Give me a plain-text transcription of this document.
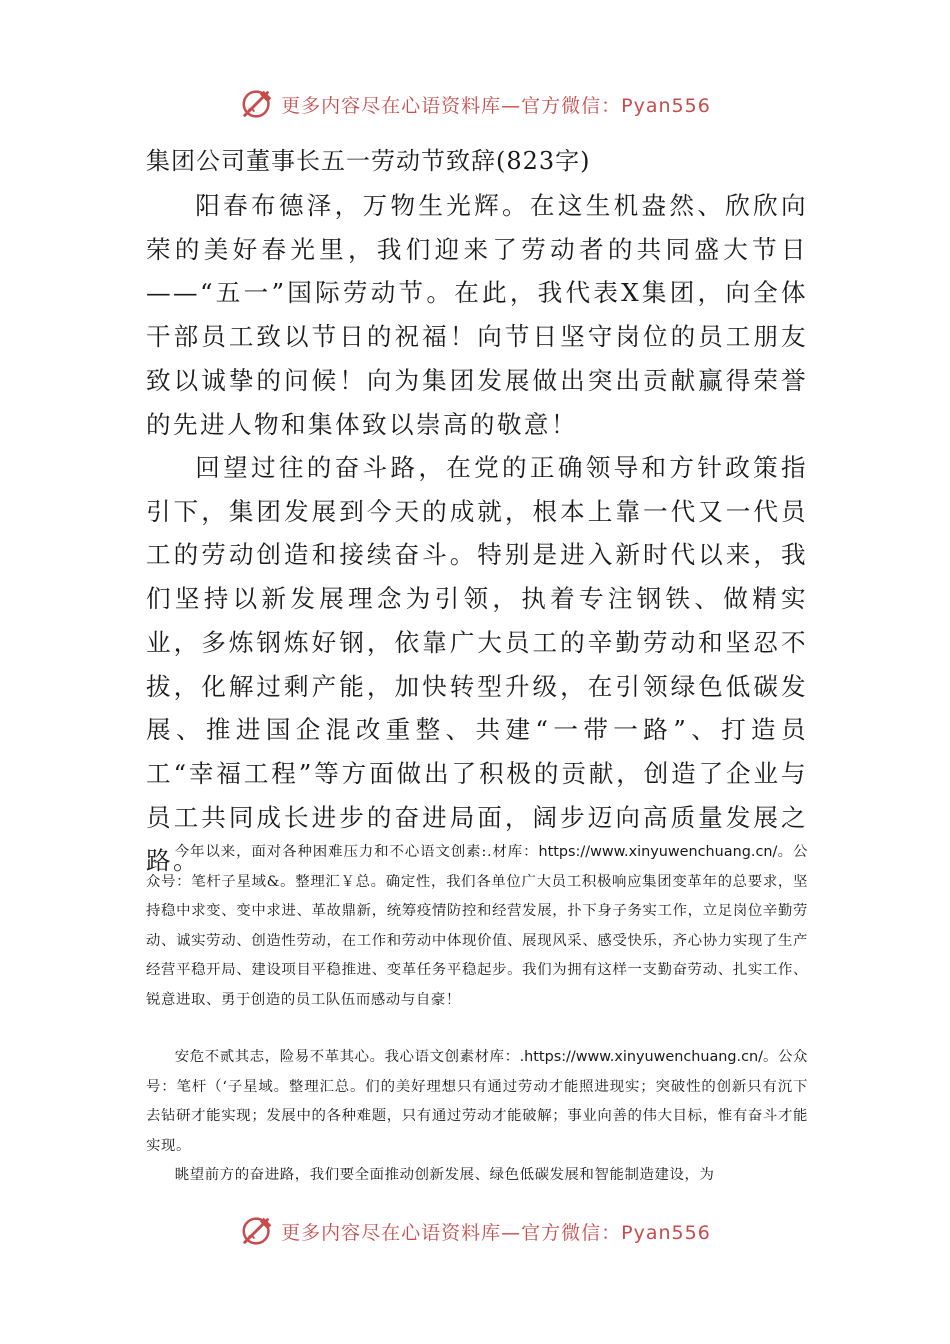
更多内容尽在心语资料库—官方微信：Pyan556
集团公司董事长五一劳动节致辞(823字)

阳春布德泽，万物生光辉。在这生机盎然、欣欣向荣的美好春光里，我们迎来了劳动者的共同盛大节日——“五一”国际劳动节。在此，我代表X集团，向全体干部员工致以节日的祝福！向节日坚守岗位的员工朋友致以诚挚的问候！向为集团发展做出突出贡献赢得荣誉的先进人物和集体致以崇高的敬意！

回望过往的奋斗路，在党的正确领导和方针政策指引下，集团发展到今天的成就，根本上靠一代又一代员工的劳动创造和接续奋斗。特别是进入新时代以来，我们坚持以新发展理念为引领，执着专注钢铁、做精实业，多炼钢炼好钢，依靠广大员工的辛勤劳动和坚忍不拔，化解过剩产能，加快转型升级，在引领绿色低碳发展、推进国企混改重整、共建“一带一路”、打造员工“幸福工程”等方面做出了积极的贡献，创造了企业与员工共同成长进步的奋进局面，阔步迈向高质量发展之路。

今年以来，面对各种困难压力和不心语文创素:.材库：https://www.xinyuwenchuang.cn/。公众号：笔杆子星域&。整理汇￥总。确定性，我们各单位广大员工积极响应集团变革年的总要求，坚持稳中求变、变中求进、革故鼎新，统筹疫情防控和经营发展，扑下身子务实工作，立足岗位辛勤劳动、诚实劳动、创造性劳动，在工作和劳动中体现价值、展现风采、感受快乐，齐心协力实现了生产经营平稳开局、建设项目平稳推进、变革任务平稳起步。我们为拥有这样一支勤奋劳动、扎实工作、锐意进取、勇于创造的员工队伍而感动与自豪！

安危不贰其志，险易不革其心。我心语文创素材库：.https://www.xinyuwenchuang.cn/。公众号：笔杆（‘子星域。整理汇总。们的美好理想只有通过劳动才能照进现实；突破性的创新只有沉下去钻研才能实现；发展中的各种难题，只有通过劳动才能破解；事业向善的伟大目标，惟有奋斗才能实现。

眺望前方的奋进路，我们要全面推动创新发展、绿色低碳发展和智能制造建设，为

更多内容尽在心语资料库—官方微信：Pyan556
